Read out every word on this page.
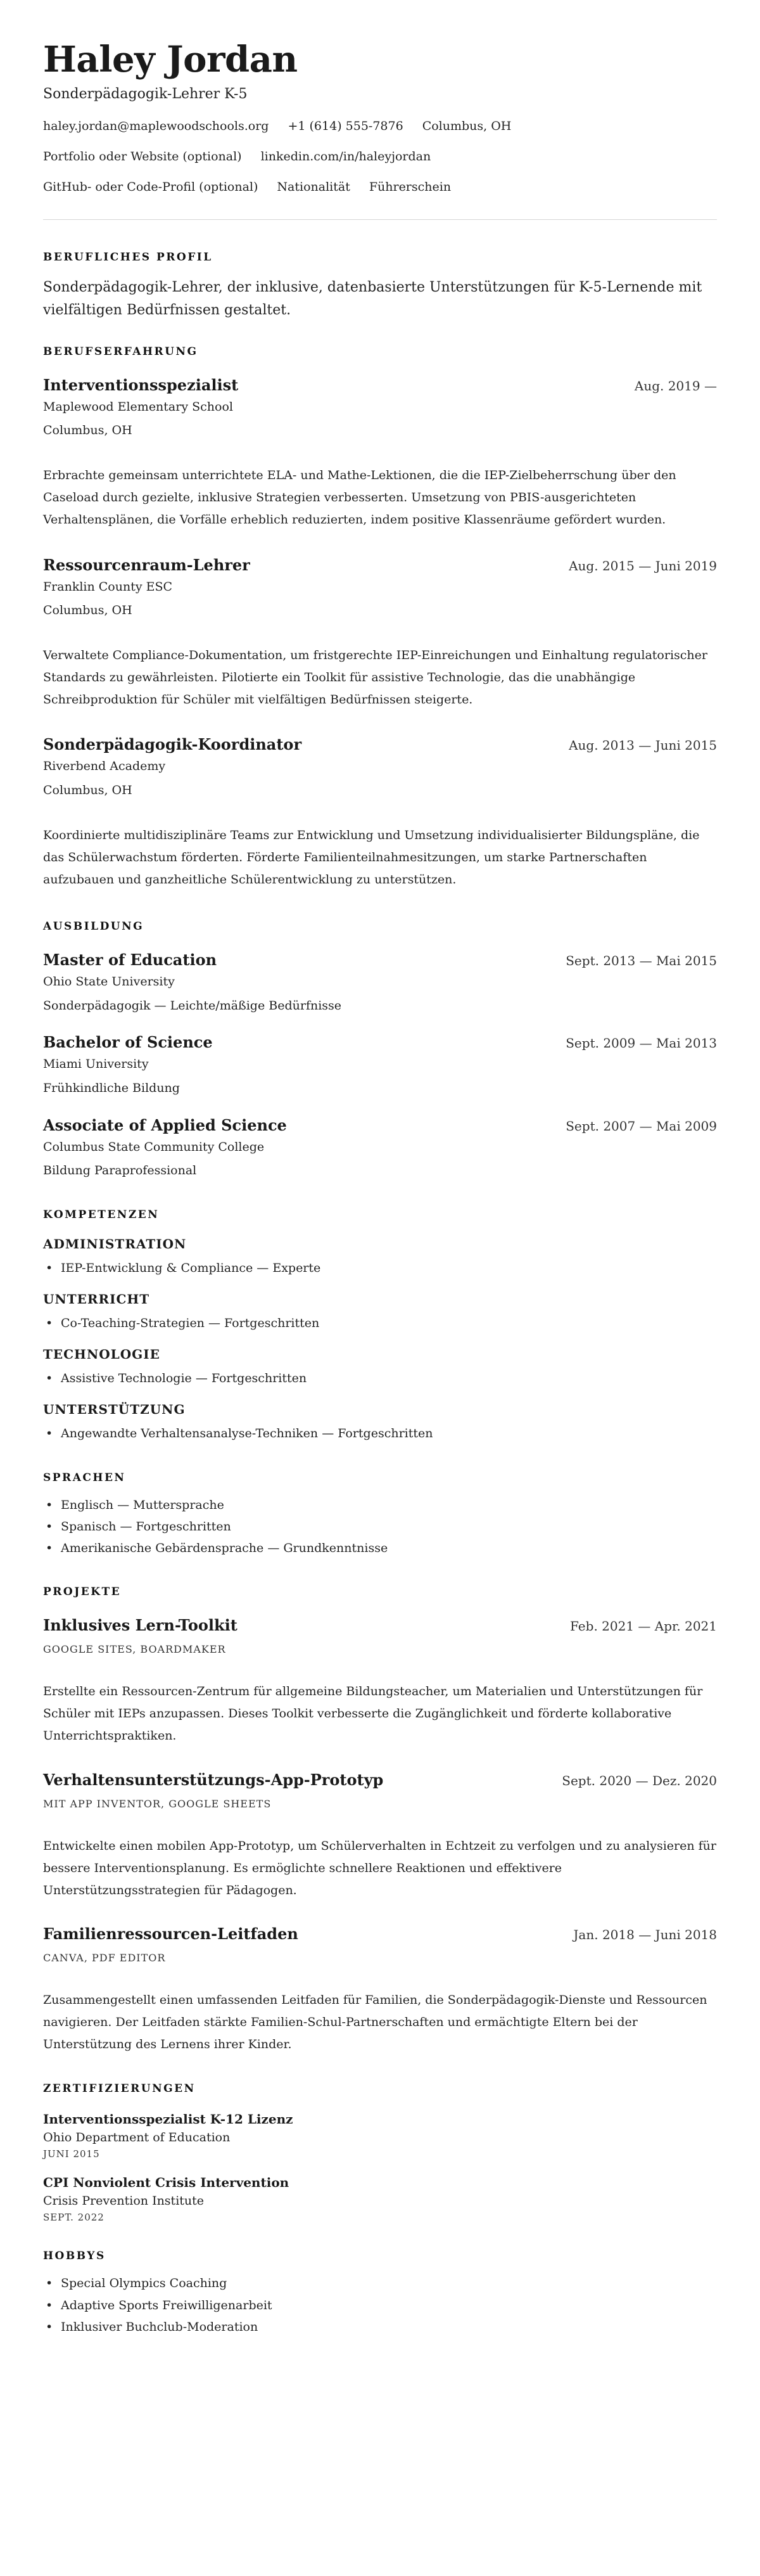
Haley Jordan
Sonderpädagogik-Lehrer K-5
haley.jordan@maplewoodschools.org +1 (614) 555-7876 Columbus, OH
Portfolio oder Website (optional) linkedin.com/in/haleyjordan
GitHub- oder Code-Profil (optional) Nationalität Führerschein
BERUFLICHES PROFIL

Sonderpädagogik-Lehrer, der inklusive, datenbasierte Unterstützungen für K-5-Lernende mit vielfältigen Bedürfnissen gestaltet.

BERUFSERFAHRUNG
Interventionsspezialist	Aug. 2019 —
Maplewood Elementary School
Columbus, OH

Erbrachte gemeinsam unterrichtete ELA- und Mathe-Lektionen, die die IEP-Zielbeherrschung über den Caseload durch gezielte, inklusive Strategien verbesserten. Umsetzung von PBIS-ausgerichteten Verhaltensplänen, die Vorfälle erheblich reduzierten, indem positive Klassenräume gefördert wurden.

Ressourcenraum-Lehrer	Aug. 2015 — Juni 2019
Franklin County ESC
Columbus, OH

Verwaltete Compliance-Dokumentation, um fristgerechte IEP-Einreichungen und Einhaltung regulatorischer Standards zu gewährleisten. Pilotierte ein Toolkit für assistive Technologie, das die unabhängige Schreibproduktion für Schüler mit vielfältigen Bedürfnissen steigerte.

Sonderpädagogik-Koordinator	Aug. 2013 — Juni 2015
Riverbend Academy
Columbus, OH

Koordinierte multidisziplinäre Teams zur Entwicklung und Umsetzung individualisierter Bildungspläne, die das Schülerwachstum förderten. Förderte Familienteilnahmesitzungen, um starke Partnerschaften aufzubauen und ganzheitliche Schülerentwicklung zu unterstützen.

AUSBILDUNG
Master of Education	Sept. 2013 — Mai 2015
Ohio State University
Sonderpädagogik — Leichte/mäßige Bedürfnisse
Bachelor of Science	Sept. 2009 — Mai 2013
Miami University
Frühkindliche Bildung
Associate of Applied Science	Sept. 2007 — Mai 2009
Columbus State Community College
Bildung Paraprofessional
KOMPETENZEN
ADMINISTRATION
• IEP-Entwicklung & Compliance — Experte
UNTERRICHT
• Co-Teaching-Strategien — Fortgeschritten
TECHNOLOGIE
• Assistive Technologie — Fortgeschritten
UNTERSTÜTZUNG
• Angewandte Verhaltensanalyse-Techniken — Fortgeschritten
SPRACHEN
• Englisch — Muttersprache
• Spanisch — Fortgeschritten
• Amerikanische Gebärdensprache — Grundkenntnisse
PROJEKTE
Inklusives Lern-Toolkit	Feb. 2021 — Apr. 2021
GOOGLE SITES, BOARDMAKER

Erstellte ein Ressourcen-Zentrum für allgemeine Bildungsteacher, um Materialien und Unterstützungen für Schüler mit IEPs anzupassen. Dieses Toolkit verbesserte die Zugänglichkeit und förderte kollaborative Unterrichtspraktiken.

Verhaltensunterstützungs-App-Prototyp	Sept. 2020 — Dez. 2020
MIT APP INVENTOR, GOOGLE SHEETS

Entwickelte einen mobilen App-Prototyp, um Schülerverhalten in Echtzeit zu verfolgen und zu analysieren für bessere Interventionsplanung. Es ermöglichte schnellere Reaktionen und effektivere Unterstützungsstrategien für Pädagogen.

Familienressourcen-Leitfaden	Jan. 2018 — Juni 2018
CANVA, PDF EDITOR

Zusammengestellt einen umfassenden Leitfaden für Familien, die Sonderpädagogik-Dienste und Ressourcen navigieren. Der Leitfaden stärkte Familien-Schul-Partnerschaften und ermächtigte Eltern bei der Unterstützung des Lernens ihrer Kinder.

ZERTIFIZIERUNGEN
Interventionsspezialist K-12 Lizenz
Ohio Department of Education
JUNI 2015
CPI Nonviolent Crisis Intervention
Crisis Prevention Institute
SEPT. 2022
HOBBYS
• Special Olympics Coaching
• Adaptive Sports Freiwilligenarbeit
• Inklusiver Buchclub-Moderation
